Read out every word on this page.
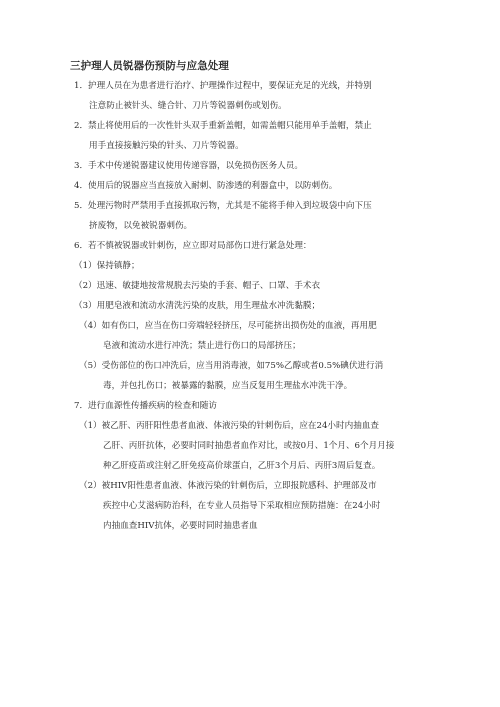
三护理人员锐器伤预防与应急处理
1．护理人员在为患者进行治疗、护理操作过程中，要保证充足的光线，并特别
注意防止被针头、缝合针、刀片等锐器刺伤或划伤。
2．禁止将使用后的一次性针头双手重新盖帽，如需盖帽只能用单手盖帽，禁止
用手直接接触污染的针头、刀片等锐器。
3．手术中传递锐器建议使用传递容器，以免损伤医务人员。
4．使用后的锐器应当直接放入耐刺、防渗透的利器盒中，以防刺伤。
5．处理污物时严禁用手直接抓取污物，尤其是不能将手伸入到垃圾袋中向下压
挤废物，以免被锐器刺伤。
6．若不慎被锐器或针刺伤，应立即对局部伤口进行紧急处理：
（1）保持镇静；
（2）迅速、敏捷地按常规脱去污染的手套、帽子、口罩、手术衣
（3）用肥皂液和流动水清洗污染的皮肤，用生理盐水冲洗黏膜；
（4）如有伤口，应当在伤口旁端轻轻挤压，尽可能挤出损伤处的血液，再用肥
皂液和流动水进行冲洗；禁止进行伤口的局部挤压；
（5）受伤部位的伤口冲洗后，应当用消毒液，如75%乙醇或者0.5%碘伏进行消
毒，并包扎伤口；被暴露的黏膜，应当反复用生理盐水冲洗干净。
7．进行血源性传播疾病的检查和随访
（1）被乙肝、丙肝阳性患者血液、体液污染的针刺伤后，应在24小时内抽血查
乙肝、丙肝抗体，必要时同时抽患者血作对比，或按0月、1个月、6个月月接
种乙肝疫苗或注射乙肝免疫高价球蛋白，乙肝3个月后、丙肝3周后复查。
（2）被HIV阳性患者血液、体液污染的针刺伤后，立即报院感科、护理部及市
疾控中心艾滋病防治科，在专业人员指导下采取相应预防措施：在24小时
内抽血查HIV抗体，必要时同时抽患者血
